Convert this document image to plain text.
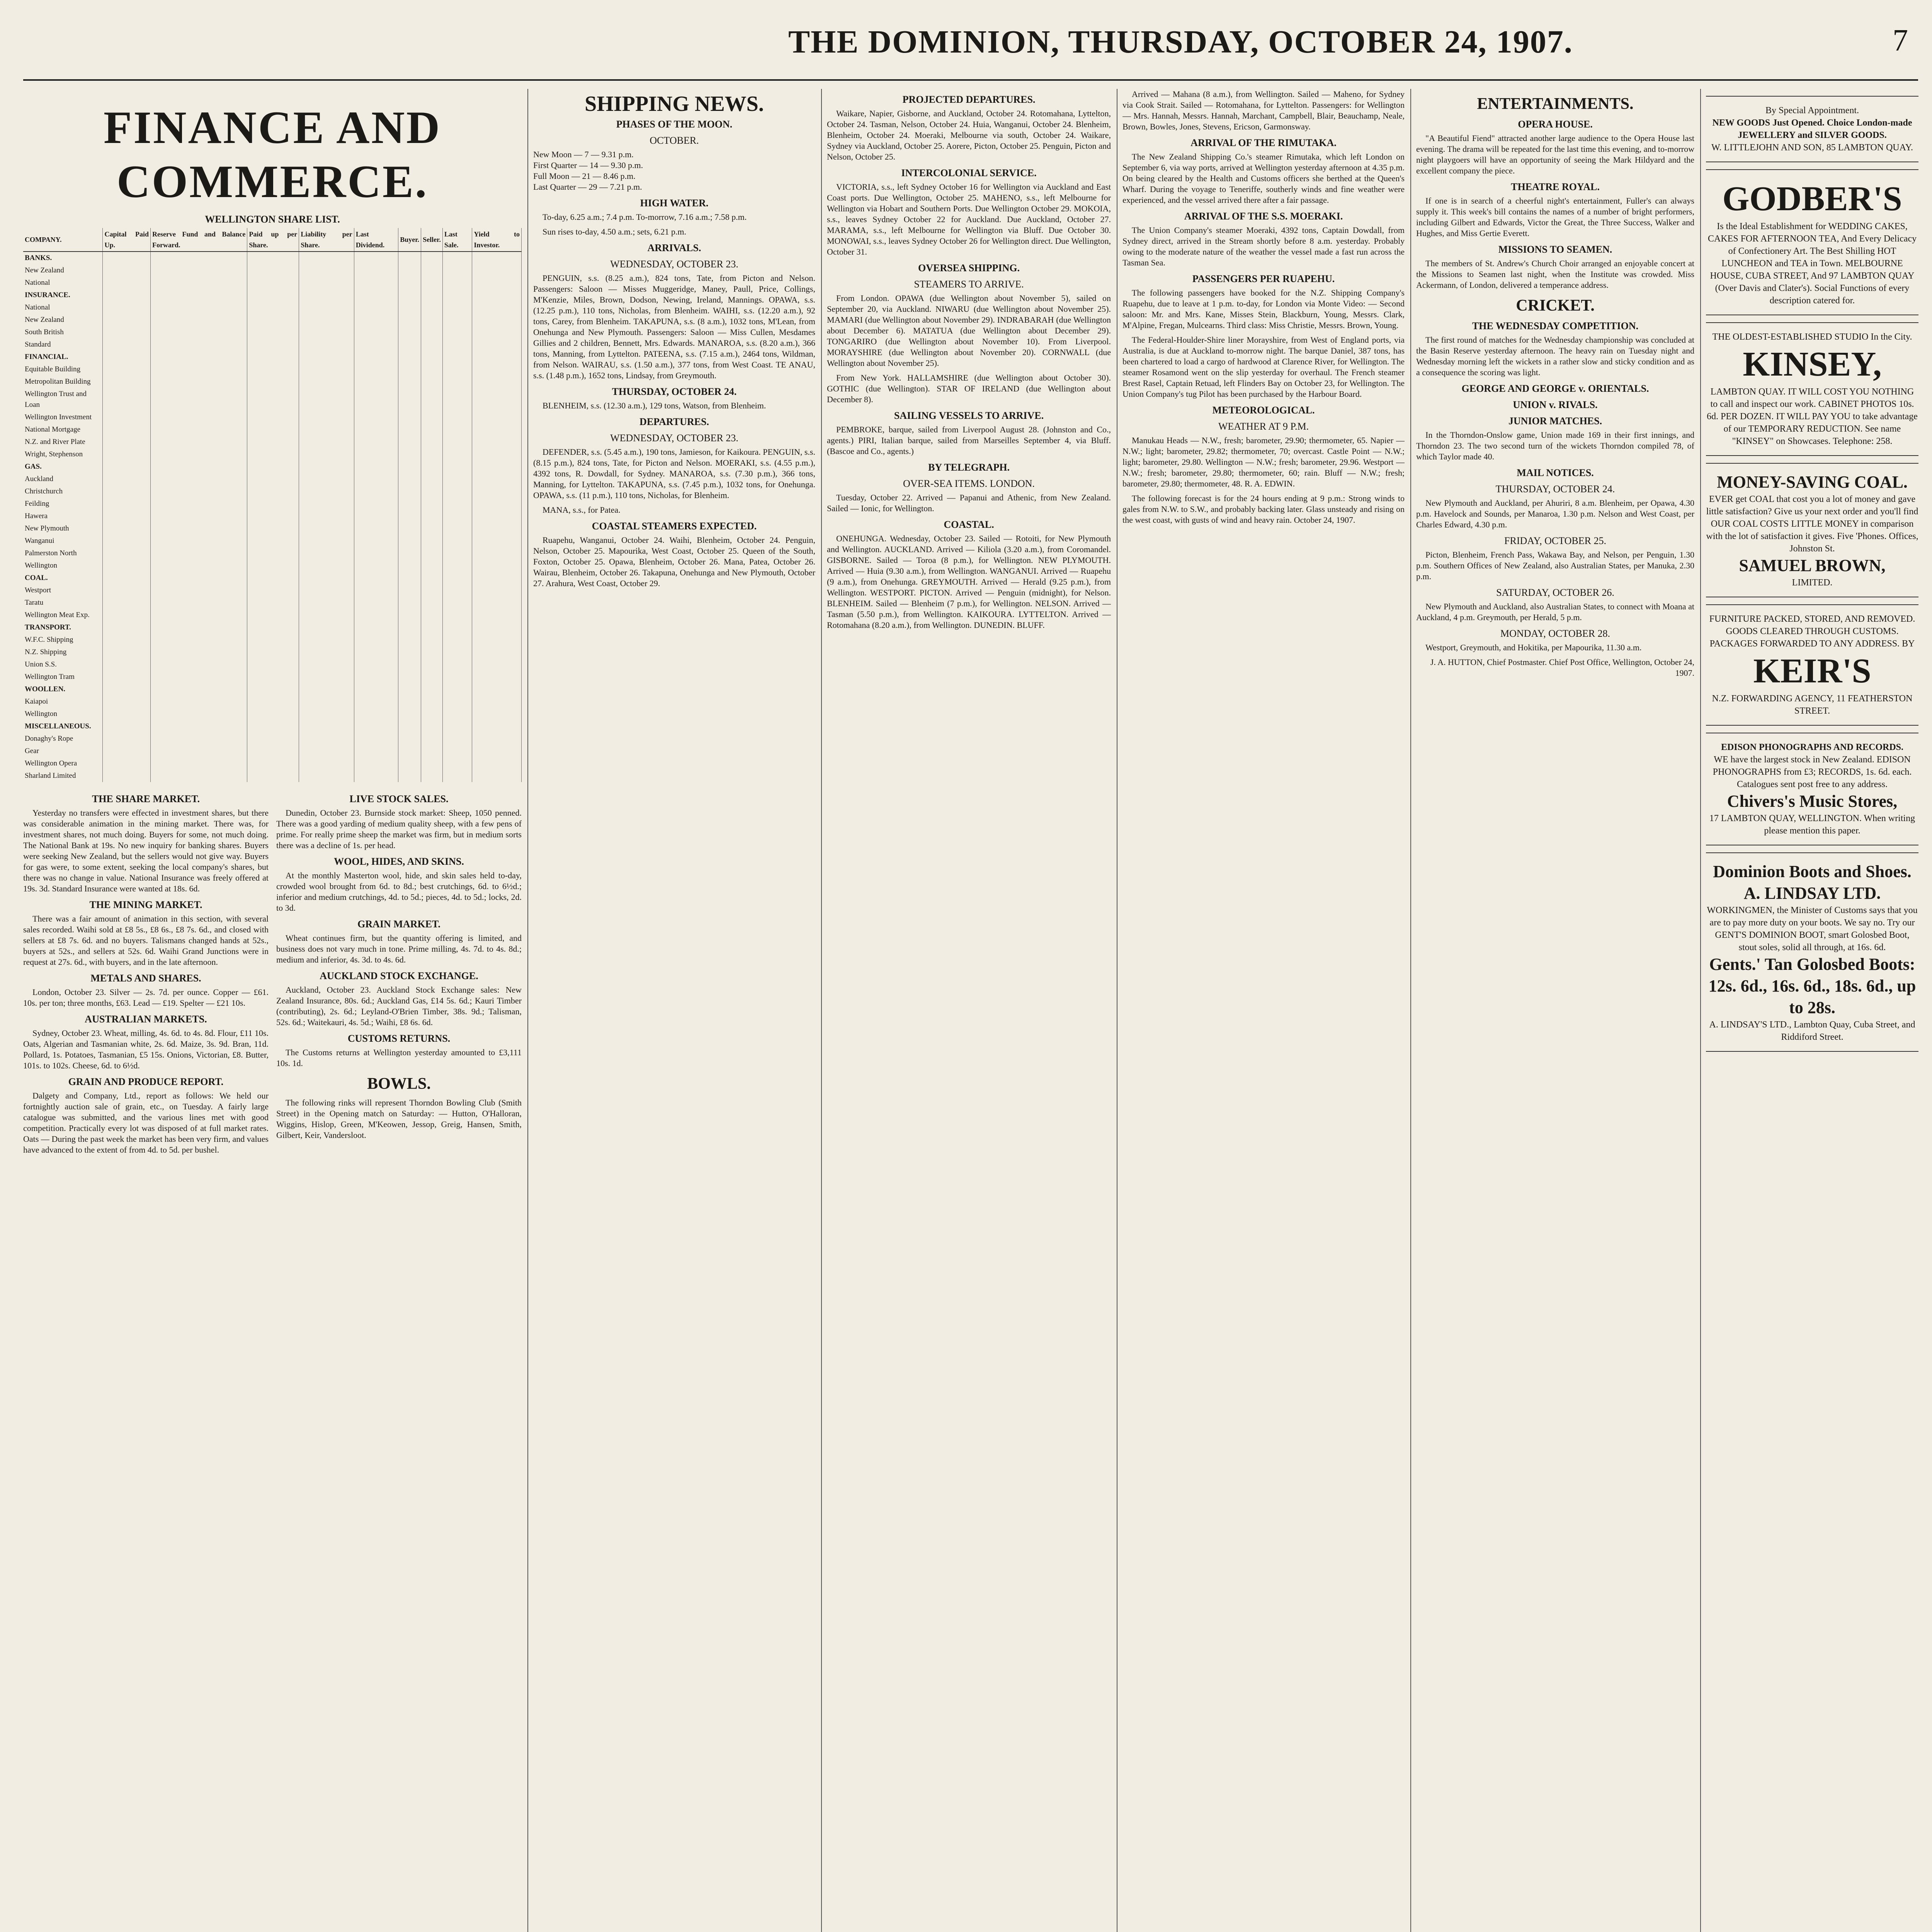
THE DOMINION, THURSDAY, OCTOBER 24, 1907.	7
FINANCE AND COMMERCE.
WELLINGTON SHARE LIST.
COMPANY.	Capital Paid Up.	Reserve Fund and Balance Forward.	Paid up per Share.	Liability per Share.	Last Dividend.	Buyer.	Seller.	Last Sale.	Yield to Investor.
BANKS.									
New Zealand									
National									
INSURANCE.									
National									
New Zealand									
South British									
Standard									
FINANCIAL.									
Equitable Building									
Metropolitan Building									
Wellington Trust and Loan									
Wellington Investment									
National Mortgage									
N.Z. and River Plate									
Wright, Stephenson									
GAS.									
Auckland									
Christchurch									
Feilding									
Hawera									
New Plymouth									
Wanganui									
Palmerston North									
Wellington									
COAL.									
Westport									
Taratu									
Wellington Meat Exp.									
TRANSPORT.									
W.F.C. Shipping									
N.Z. Shipping									
Union S.S.									
Wellington Tram									
WOOLLEN.									
Kaiapoi									
Wellington									
MISCELLANEOUS.									
Donaghy's Rope									
Gear									
Wellington Opera									
Sharland Limited									
THE SHARE MARKET.

Yesterday no transfers were effected in investment shares, but there was considerable animation in the mining market. There was, for investment shares, not much doing. Buyers for some, not much doing. The National Bank at 19s. No new inquiry for banking shares. Buyers were seeking New Zealand, but the sellers would not give way. Buyers for gas were, to some extent, seeking the local company's shares, but there was no change in value. National Insurance was freely offered at 19s. 3d. Standard Insurance were wanted at 18s. 6d.

THE MINING MARKET.

There was a fair amount of animation in this section, with several sales recorded. Waihi sold at £8 5s., £8 6s., £8 7s. 6d., and closed with sellers at £8 7s. 6d. and no buyers. Talismans changed hands at 52s., buyers at 52s., and sellers at 52s. 6d. Waihi Grand Junctions were in request at 27s. 6d., with buyers, and in the late afternoon.

METALS AND SHARES.

London, October 23. Silver — 2s. 7d. per ounce. Copper — £61. 10s. per ton; three months, £63. Lead — £19. Spelter — £21 10s.

AUSTRALIAN MARKETS.

Sydney, October 23. Wheat, milling, 4s. 6d. to 4s. 8d. Flour, £11 10s. Oats, Algerian and Tasmanian white, 2s. 6d. Maize, 3s. 9d. Bran, 11d. Pollard, 1s. Potatoes, Tasmanian, £5 15s. Onions, Victorian, £8. Butter, 101s. to 102s. Cheese, 6d. to 6½d.

GRAIN AND PRODUCE REPORT.

Dalgety and Company, Ltd., report as follows: We held our fortnightly auction sale of grain, etc., on Tuesday. A fairly large catalogue was submitted, and the various lines met with good competition. Practically every lot was disposed of at full market rates. Oats — During the past week the market has been very firm, and values have advanced to the extent of from 4d. to 5d. per bushel.

LIVE STOCK SALES.

Dunedin, October 23. Burnside stock market: Sheep, 1050 penned. There was a good yarding of medium quality sheep, with a few pens of prime. For really prime sheep the market was firm, but in medium sorts there was a decline of 1s. per head.

WOOL, HIDES, AND SKINS.

At the monthly Masterton wool, hide, and skin sales held to-day, crowded wool brought from 6d. to 8d.; best crutchings, 6d. to 6½d.; inferior and medium crutchings, 4d. to 5d.; pieces, 4d. to 5d.; locks, 2d. to 3d.

GRAIN MARKET.

Wheat continues firm, but the quantity offering is limited, and business does not vary much in tone. Prime milling, 4s. 7d. to 4s. 8d.; medium and inferior, 4s. 3d. to 4s. 6d.

AUCKLAND STOCK EXCHANGE.

Auckland, October 23. Auckland Stock Exchange sales: New Zealand Insurance, 80s. 6d.; Auckland Gas, £14 5s. 6d.; Kauri Timber (contributing), 2s. 6d.; Leyland-O'Brien Timber, 38s. 9d.; Talisman, 52s. 6d.; Waitekauri, 4s. 5d.; Waihi, £8 6s. 6d.

CUSTOMS RETURNS.

The Customs returns at Wellington yesterday amounted to £3,111 10s. 1d.

BOWLS.

The following rinks will represent Thorndon Bowling Club (Smith Street) in the Opening match on Saturday: — Hutton, O'Halloran, Wiggins, Hislop, Green, M'Keowen, Jessop, Greig, Hansen, Smith, Gilbert, Keir, Vandersloot.

SHIPPING NEWS.
PHASES OF THE MOON.
OCTOBER.
New Moon — 7 — 9.31 p.m.
First Quarter — 14 — 9.30 p.m.
Full Moon — 21 — 8.46 p.m.
Last Quarter — 29 — 7.21 p.m.
HIGH WATER.

To-day, 6.25 a.m.; 7.4 p.m. To-morrow, 7.16 a.m.; 7.58 p.m.

Sun rises to-day, 4.50 a.m.; sets, 6.21 p.m.

ARRIVALS.
WEDNESDAY, OCTOBER 23.

PENGUIN, s.s. (8.25 a.m.), 824 tons, Tate, from Picton and Nelson. Passengers: Saloon — Misses Muggeridge, Maney, Paull, Price, Collings, M'Kenzie, Miles, Brown, Dodson, Newing, Ireland, Mannings. OPAWA, s.s. (12.25 p.m.), 110 tons, Nicholas, from Blenheim. WAIHI, s.s. (12.20 a.m.), 92 tons, Carey, from Blenheim. TAKAPUNA, s.s. (8 a.m.), 1032 tons, M'Lean, from Onehunga and New Plymouth. Passengers: Saloon — Miss Cullen, Mesdames Gillies and 2 children, Bennett, Mrs. Edwards. MANAROA, s.s. (8.20 a.m.), 366 tons, Manning, from Lyttelton. PATEENA, s.s. (7.15 a.m.), 2464 tons, Wildman, from Nelson. WAIRAU, s.s. (1.50 a.m.), 377 tons, from West Coast. TE ANAU, s.s. (1.48 p.m.), 1652 tons, Lindsay, from Greymouth.

THURSDAY, OCTOBER 24.

BLENHEIM, s.s. (12.30 a.m.), 129 tons, Watson, from Blenheim.

DEPARTURES.
WEDNESDAY, OCTOBER 23.

DEFENDER, s.s. (5.45 a.m.), 190 tons, Jamieson, for Kaikoura. PENGUIN, s.s. (8.15 p.m.), 824 tons, Tate, for Picton and Nelson. MOERAKI, s.s. (4.55 p.m.), 4392 tons, R. Dowdall, for Sydney. MANAROA, s.s. (7.30 p.m.), 366 tons, Manning, for Lyttelton. TAKAPUNA, s.s. (7.45 p.m.), 1032 tons, for Onehunga. OPAWA, s.s. (11 p.m.), 110 tons, Nicholas, for Blenheim.

MANA, s.s., for Patea.

COASTAL STEAMERS EXPECTED.

Ruapehu, Wanganui, October 24. Waihi, Blenheim, October 24. Penguin, Nelson, October 25. Mapourika, West Coast, October 25. Queen of the South, Foxton, October 25. Opawa, Blenheim, October 26. Mana, Patea, October 26. Wairau, Blenheim, October 26. Takapuna, Onehunga and New Plymouth, October 27. Arahura, West Coast, October 29.

PROJECTED DEPARTURES.

Waikare, Napier, Gisborne, and Auckland, October 24. Rotomahana, Lyttelton, October 24. Tasman, Nelson, October 24. Huia, Wanganui, October 24. Blenheim, Blenheim, October 24. Moeraki, Melbourne via south, October 24. Waikare, Sydney via Auckland, October 25. Aorere, Picton, October 25. Penguin, Picton and Nelson, October 25.

INTERCOLONIAL SERVICE.

VICTORIA, s.s., left Sydney October 16 for Wellington via Auckland and East Coast ports. Due Wellington, October 25. MAHENO, s.s., left Melbourne for Wellington via Hobart and Southern Ports. Due Wellington October 29. MOKOIA, s.s., leaves Sydney October 22 for Auckland. Due Auckland, October 27. MARAMA, s.s., left Melbourne for Wellington via Bluff. Due October 30. MONOWAI, s.s., leaves Sydney October 26 for Wellington direct. Due Wellington, October 31.

OVERSEA SHIPPING.
STEAMERS TO ARRIVE.

From London. OPAWA (due Wellington about November 5), sailed on September 20, via Auckland. NIWARU (due Wellington about November 25). MAMARI (due Wellington about November 29). INDRABARAH (due Wellington about December 6). MATATUA (due Wellington about December 29). TONGARIRO (due Wellington about November 10). From Liverpool. MORAYSHIRE (due Wellington about November 20). CORNWALL (due Wellington about November 25).

From New York. HALLAMSHIRE (due Wellington about October 30). GOTHIC (due Wellington). STAR OF IRELAND (due Wellington about December 8).

SAILING VESSELS TO ARRIVE.

PEMBROKE, barque, sailed from Liverpool August 28. (Johnston and Co., agents.) PIRI, Italian barque, sailed from Marseilles September 4, via Bluff. (Bascoe and Co., agents.)

BY TELEGRAPH.
OVER-SEA ITEMS. LONDON.

Tuesday, October 22. Arrived — Papanui and Athenic, from New Zealand. Sailed — Ionic, for Wellington.

COASTAL.

ONEHUNGA. Wednesday, October 23. Sailed — Rotoiti, for New Plymouth and Wellington. AUCKLAND. Arrived — Kiliola (3.20 a.m.), from Coromandel. GISBORNE. Sailed — Toroa (8 p.m.), for Wellington. NEW PLYMOUTH. Arrived — Huia (9.30 a.m.), from Wellington. WANGANUI. Arrived — Ruapehu (9 a.m.), from Onehunga. GREYMOUTH. Arrived — Herald (9.25 p.m.), from Wellington. WESTPORT. PICTON. Arrived — Penguin (midnight), for Nelson. BLENHEIM. Sailed — Blenheim (7 p.m.), for Wellington. NELSON. Arrived — Tasman (5.50 p.m.), from Wellington. KAIKOURA. LYTTELTON. Arrived — Rotomahana (8.20 a.m.), from Wellington. DUNEDIN. BLUFF.

Arrived — Mahana (8 a.m.), from Wellington. Sailed — Maheno, for Sydney via Cook Strait. Sailed — Rotomahana, for Lyttelton. Passengers: for Wellington — Mrs. Hannah, Messrs. Hannah, Marchant, Campbell, Blair, Beauchamp, Neale, Brown, Bowles, Jones, Stevens, Ericson, Garmonsway.

ARRIVAL OF THE RIMUTAKA.

The New Zealand Shipping Co.'s steamer Rimutaka, which left London on September 6, via way ports, arrived at Wellington yesterday afternoon at 4.35 p.m. On being cleared by the Health and Customs officers she berthed at the Queen's Wharf. During the voyage to Teneriffe, southerly winds and fine weather were experienced, and the vessel arrived there after a fair passage.

ARRIVAL OF THE S.S. MOERAKI.

The Union Company's steamer Moeraki, 4392 tons, Captain Dowdall, from Sydney direct, arrived in the Stream shortly before 8 a.m. yesterday. Probably owing to the moderate nature of the weather the vessel made a fast run across the Tasman Sea.

PASSENGERS PER RUAPEHU.

The following passengers have booked for the N.Z. Shipping Company's Ruapehu, due to leave at 1 p.m. to-day, for London via Monte Video: — Second saloon: Mr. and Mrs. Kane, Misses Stein, Blackburn, Young, Messrs. Clark, M'Alpine, Fregan, Mulcearns. Third class: Miss Christie, Messrs. Brown, Young.

The Federal-Houlder-Shire liner Morayshire, from West of England ports, via Australia, is due at Auckland to-morrow night. The barque Daniel, 387 tons, has been chartered to load a cargo of hardwood at Clarence River, for Wellington. The steamer Rosamond went on the slip yesterday for overhaul. The French steamer Brest Rasel, Captain Retuad, left Flinders Bay on October 23, for Wellington. The Union Company's tug Pilot has been purchased by the Harbour Board.

METEOROLOGICAL.
WEATHER AT 9 P.M.

Manukau Heads — N.W., fresh; barometer, 29.90; thermometer, 65. Napier — N.W.; light; barometer, 29.82; thermometer, 70; overcast. Castle Point — N.W.; light; barometer, 29.80. Wellington — N.W.; fresh; barometer, 29.96. Westport — N.W.; fresh; barometer, 29.80; thermometer, 60; rain. Bluff — N.W.; fresh; barometer, 29.80; thermometer, 48. R. A. EDWIN.

The following forecast is for the 24 hours ending at 9 p.m.: Strong winds to gales from N.W. to S.W., and probably backing later. Glass unsteady and rising on the west coast, with gusts of wind and heavy rain. October 24, 1907.

ENTERTAINMENTS.
OPERA HOUSE.

"A Beautiful Fiend" attracted another large audience to the Opera House last evening. The drama will be repeated for the last time this evening, and to-morrow night playgoers will have an opportunity of seeing the Mark Hildyard and the excellent company the piece.

THEATRE ROYAL.

If one is in search of a cheerful night's entertainment, Fuller's can always supply it. This week's bill contains the names of a number of bright performers, including Gilbert and Edwards, Victor the Great, the Three Success, Walker and Hughes, and Miss Gertie Everett.

MISSIONS TO SEAMEN.

The members of St. Andrew's Church Choir arranged an enjoyable concert at the Missions to Seamen last night, when the Institute was crowded. Miss Ackermann, of London, delivered a temperance address.

CRICKET.
THE WEDNESDAY COMPETITION.

The first round of matches for the Wednesday championship was concluded at the Basin Reserve yesterday afternoon. The heavy rain on Tuesday night and Wednesday morning left the wickets in a rather slow and sticky condition and as a consequence the scoring was light.

GEORGE AND GEORGE v. ORIENTALS.
UNION v. RIVALS.
JUNIOR MATCHES.

In the Thorndon-Onslow game, Union made 169 in their first innings, and Thorndon 23. The two second turn of the wickets Thorndon compiled 78, of which Taylor made 40.

MAIL NOTICES.
THURSDAY, OCTOBER 24.

New Plymouth and Auckland, per Ahuriri, 8 a.m. Blenheim, per Opawa, 4.30 p.m. Havelock and Sounds, per Manaroa, 1.30 p.m. Nelson and West Coast, per Charles Edward, 4.30 p.m.

FRIDAY, OCTOBER 25.

Picton, Blenheim, French Pass, Wakawa Bay, and Nelson, per Penguin, 1.30 p.m. Southern Offices of New Zealand, also Australian States, per Manuka, 2.30 p.m.

SATURDAY, OCTOBER 26.

New Plymouth and Auckland, also Australian States, to connect with Moana at Auckland, 4 p.m. Greymouth, per Herald, 5 p.m.

MONDAY, OCTOBER 28.

Westport, Greymouth, and Hokitika, per Mapourika, 11.30 a.m.

J. A. HUTTON, Chief Postmaster. Chief Post Office, Wellington, October 24, 1907.

By Special Appointment.
NEW GOODS Just Opened. Choice London-made JEWELLERY and SILVER GOODS.
W. LITTLEJOHN AND SON, 85 LAMBTON QUAY.
GODBER'S
Is the Ideal Establishment for WEDDING CAKES, CAKES FOR AFTERNOON TEA, And Every Delicacy of Confectionery Art. The Best Shilling HOT LUNCHEON and TEA in Town. MELBOURNE HOUSE, CUBA STREET, And 97 LAMBTON QUAY (Over Davis and Clater's). Social Functions of every description catered for.
THE OLDEST-ESTABLISHED STUDIO In the City.
KINSEY,
LAMBTON QUAY. IT WILL COST YOU NOTHING to call and inspect our work. CABINET PHOTOS 10s. 6d. PER DOZEN. IT WILL PAY YOU to take advantage of our TEMPORARY REDUCTION. See name "KINSEY" on Showcases. Telephone: 258.
MONEY-SAVING COAL.
EVER get COAL that cost you a lot of money and gave little satisfaction? Give us your next order and you'll find OUR COAL COSTS LITTLE MONEY in comparison with the lot of satisfaction it gives. Five 'Phones. Offices, Johnston St.
SAMUEL BROWN,
LIMITED.
FURNITURE PACKED, STORED, AND REMOVED. GOODS CLEARED THROUGH CUSTOMS. PACKAGES FORWARDED TO ANY ADDRESS. BY
KEIR'S
N.Z. FORWARDING AGENCY, 11 FEATHERSTON STREET.
EDISON PHONOGRAPHS AND RECORDS.
WE have the largest stock in New Zealand. EDISON PHONOGRAPHS from £3; RECORDS, 1s. 6d. each. Catalogues sent post free to any address.
Chivers's Music Stores,
17 LAMBTON QUAY, WELLINGTON. When writing please mention this paper.
Dominion Boots and Shoes.
A. LINDSAY LTD.
WORKINGMEN, the Minister of Customs says that you are to pay more duty on your boots. We say no. Try our GENT'S DOMINION BOOT, smart Golosbed Boot, stout soles, solid all through, at 16s. 6d.
Gents.' Tan Golosbed Boots: 12s. 6d., 16s. 6d., 18s. 6d., up to 28s.
A. LINDSAY'S LTD., Lambton Quay, Cuba Street, and Riddiford Street.
